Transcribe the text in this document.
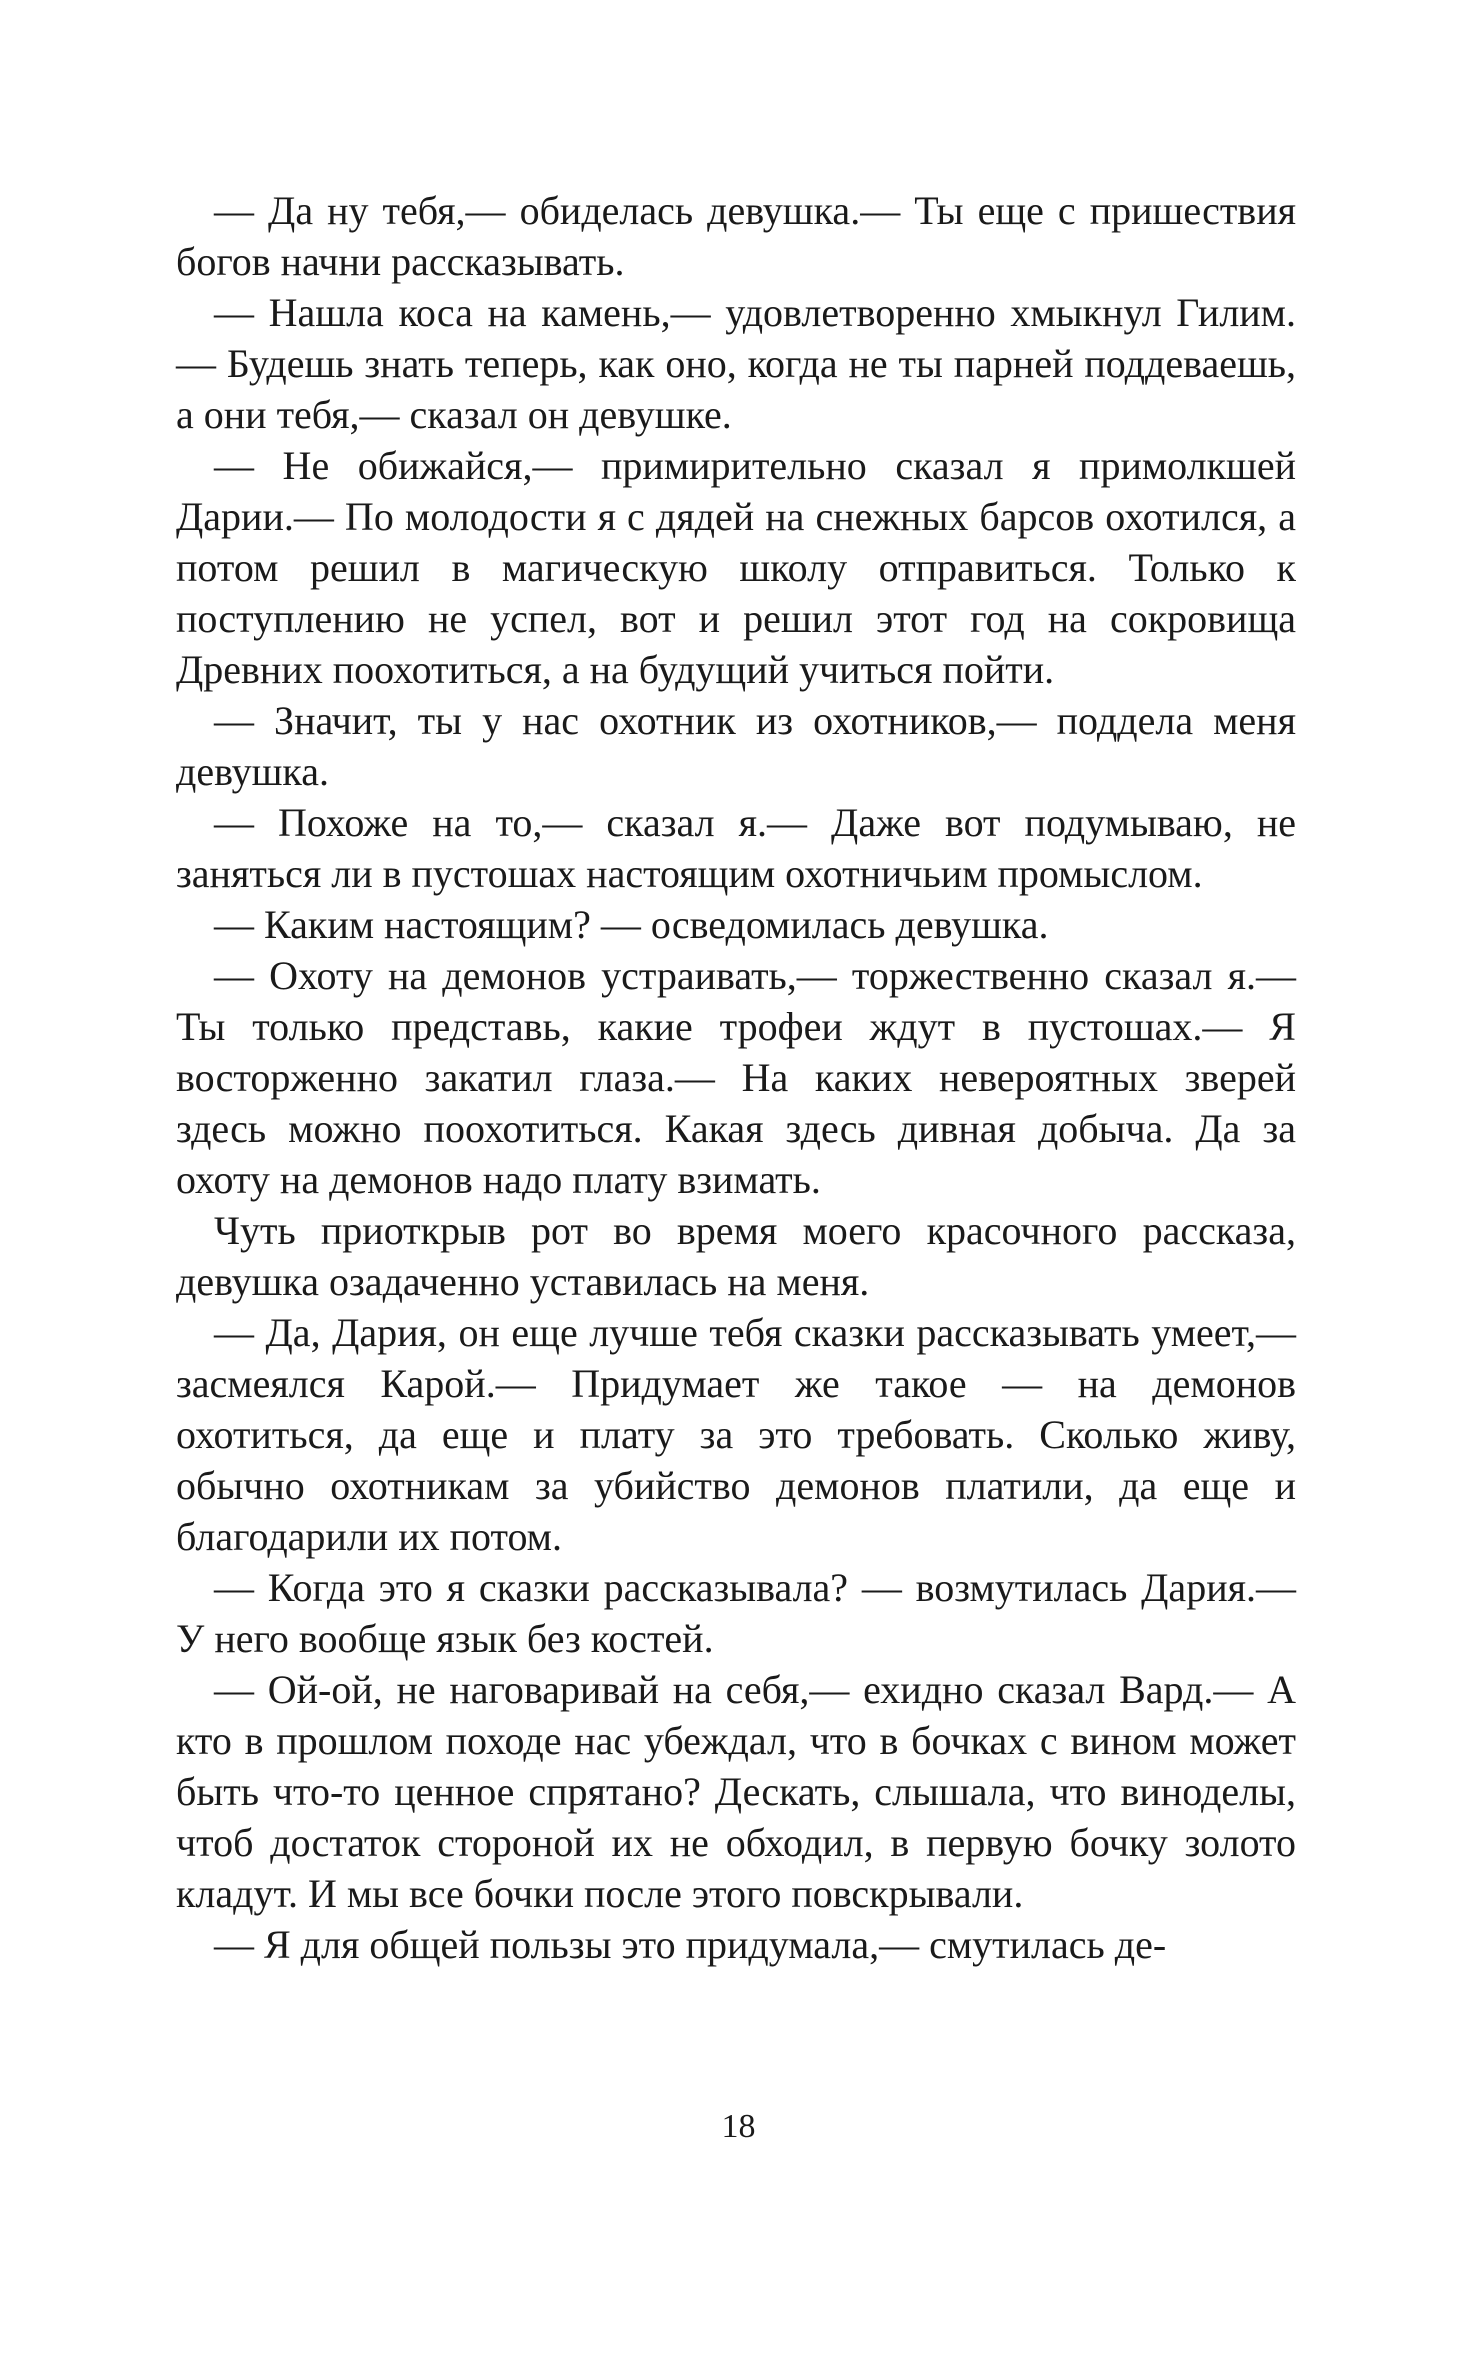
— Да ну тебя,— обиделась девушка.— Ты еще с пришествия богов начни рассказывать.

— Нашла коса на камень,— удовлетворенно хмыкнул Гилим.— Будешь знать теперь, как оно, когда не ты парней поддеваешь, а они тебя,— сказал он девушке.

— Не обижайся,— примирительно сказал я примолкшей Дарии.— По молодости я с дядей на снежных барсов охотился, а потом решил в магическую школу отправиться. Только к поступлению не успел, вот и решил этот год на сокровища Древних поохотиться, а на будущий учиться пойти.

— Значит, ты у нас охотник из охотников,— поддела меня девушка.

— Похоже на то,— сказал я.— Даже вот подумываю, не заняться ли в пустошах настоящим охотничьим промыслом.

— Каким настоящим? — осведомилась девушка.

— Охоту на демонов устраивать,— торжественно сказал я.— Ты только представь, какие трофеи ждут в пустошах.— Я восторженно закатил глаза.— На каких невероятных зверей здесь можно поохотиться. Какая здесь дивная добыча. Да за охоту на демонов надо плату взимать.

Чуть приоткрыв рот во время моего красочного рассказа, девушка озадаченно уставилась на меня.

— Да, Дария, он еще лучше тебя сказки рассказывать умеет,— засмеялся Карой.— Придумает же такое — на демонов охотиться, да еще и плату за это требовать. Сколько живу, обычно охотникам за убийство демонов платили, да еще и благодарили их потом.

— Когда это я сказки рассказывала? — возмутилась Дария.— У него вообще язык без костей.

— Ой-ой, не наговаривай на себя,— ехидно сказал Вард.— А кто в прошлом походе нас убеждал, что в бочках с вином может быть что-то ценное спрятано? Дескать, слышала, что виноделы, чтоб достаток стороной их не обходил, в первую бочку золото кладут. И мы все бочки после этого повскрывали.

— Я для общей пользы это придумала,— смутилась де-

18
